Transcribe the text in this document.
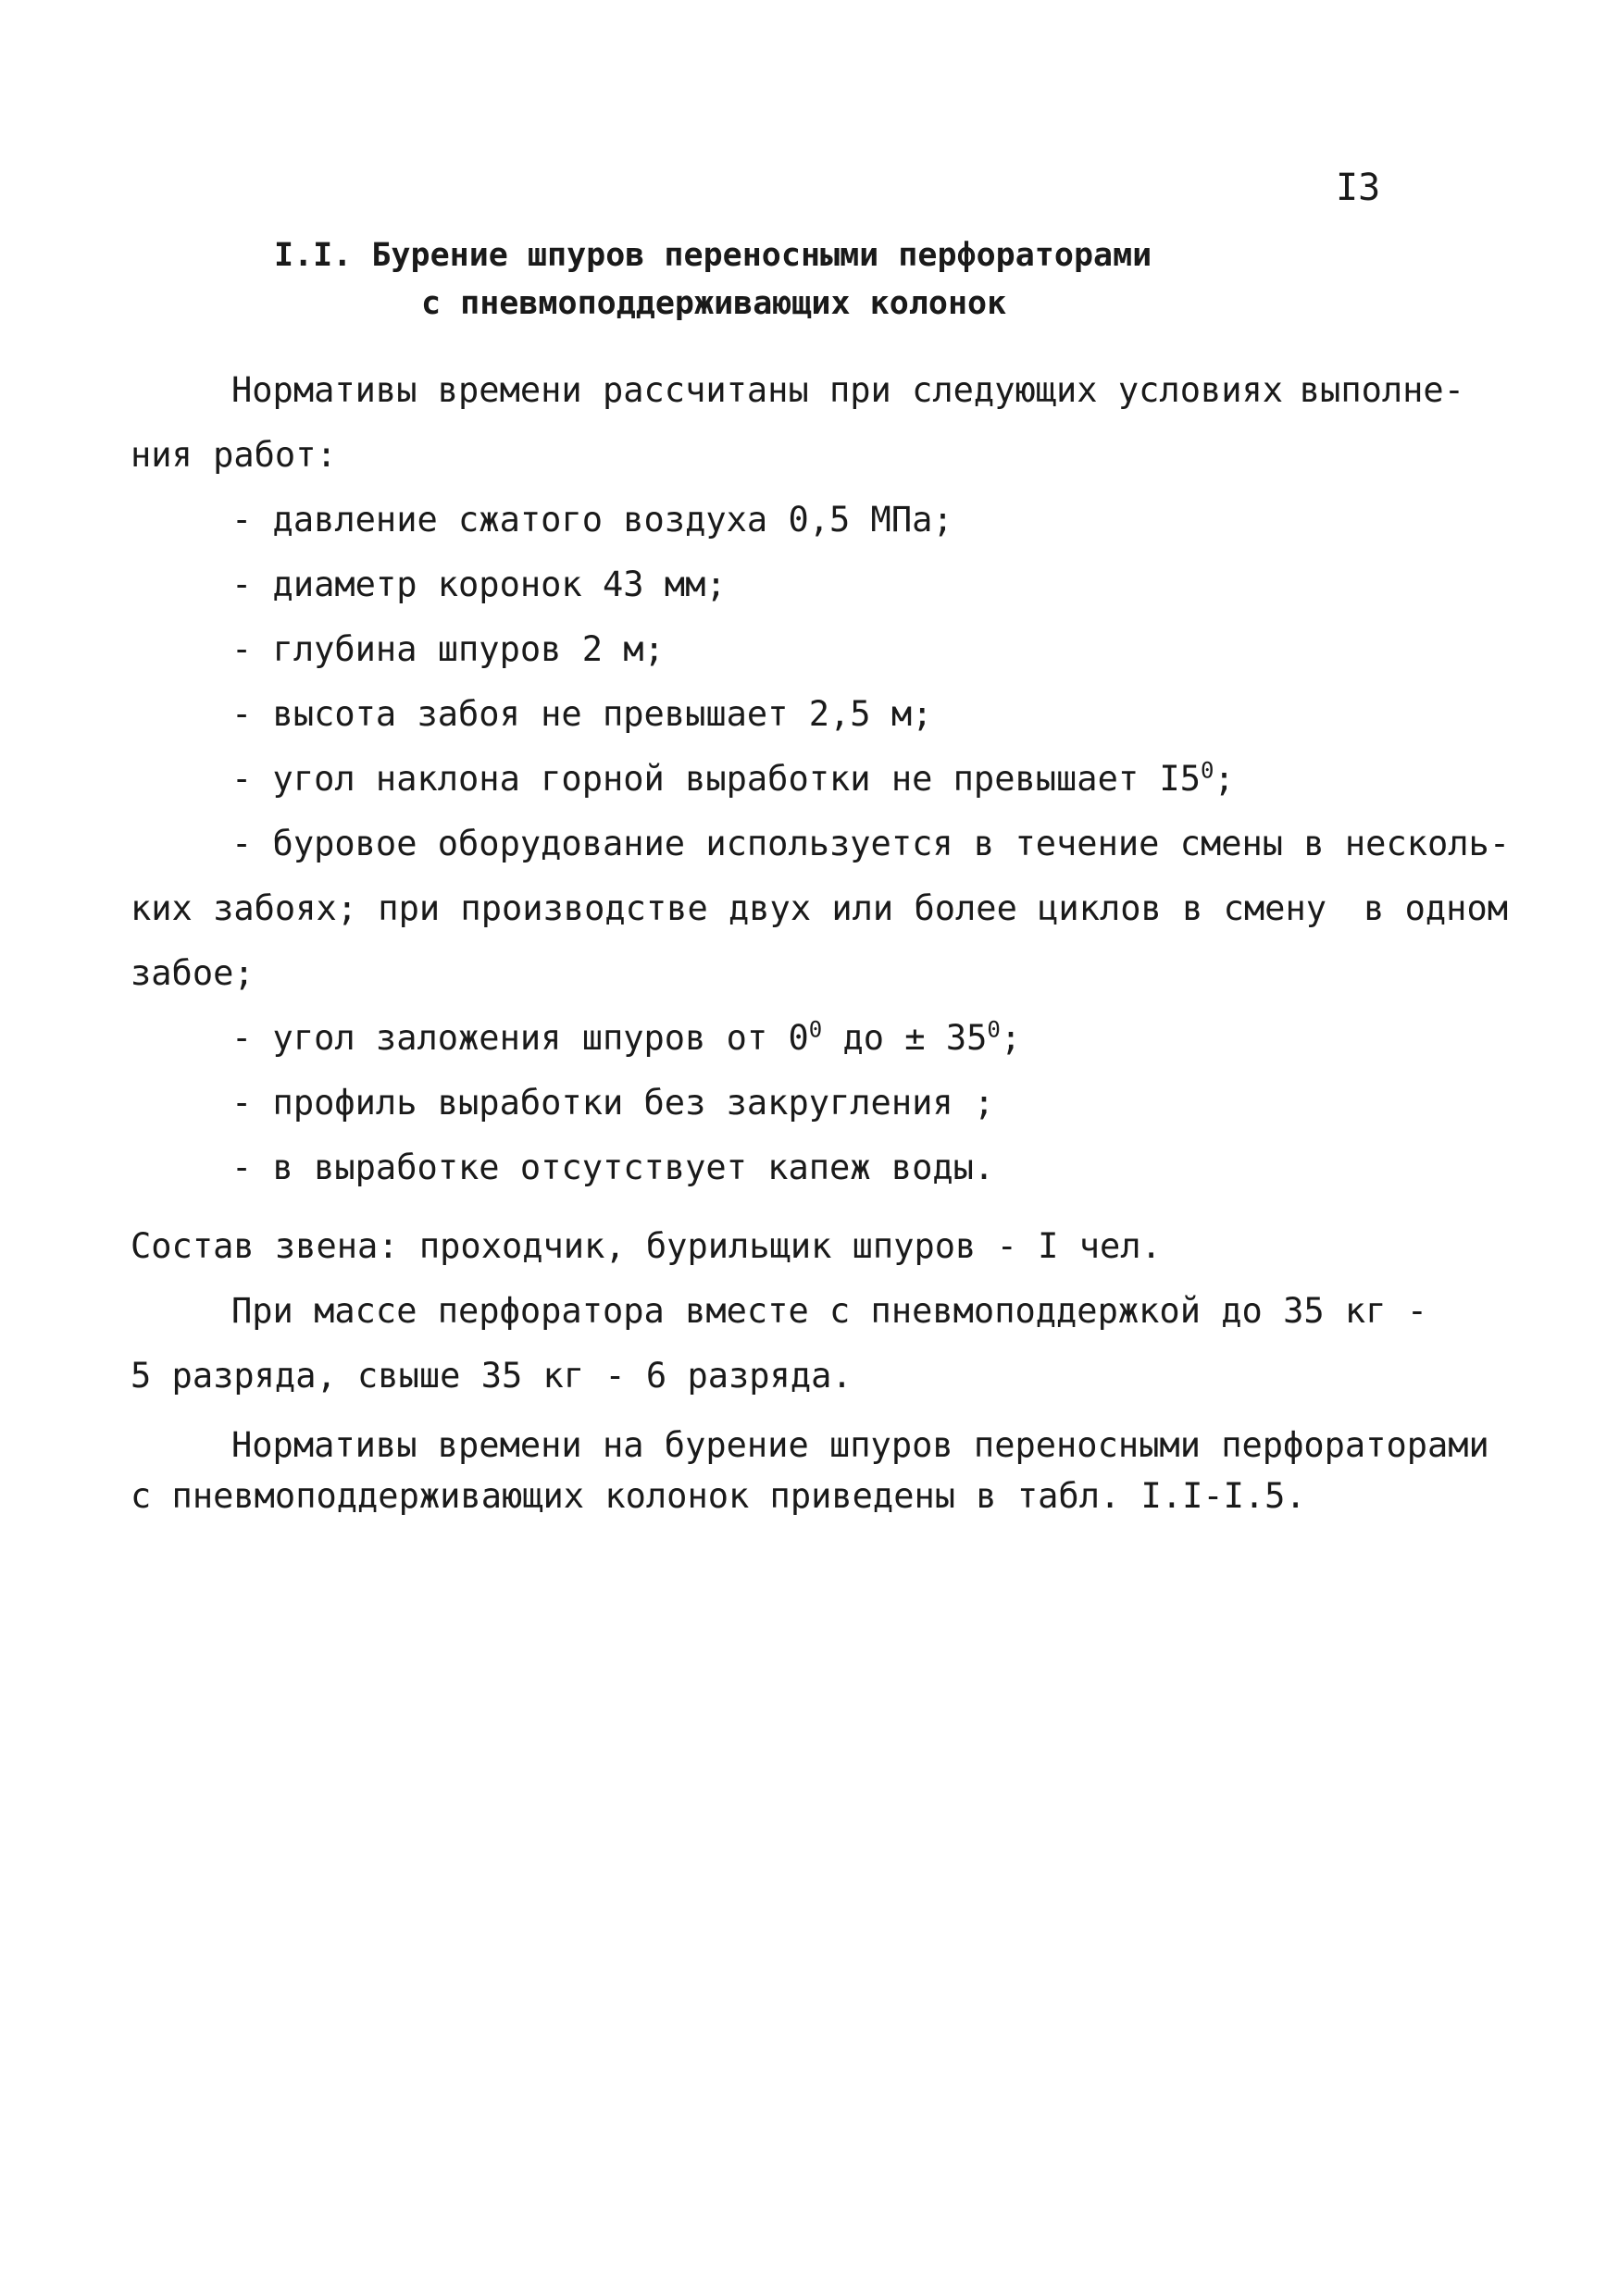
I3
I.I. Бурение шпуров переносными перфораторами
с пневмоподдерживающих колонок
Нормативы времени рассчитаны при следующих условиях выполне-
ния работ:
- давление сжатого воздуха 0,5 МПа;
- диаметр коронок 43 мм;
- глубина шпуров 2 м;
- высота забоя не превышает 2,5 м;
- угол наклона горной выработки не превышает $I5^0$;
- буровое оборудование используется в течение смены в несколь-
ких забоях; при производстве двух или более циклов в смену в одном
забое;
- угол заложения шпуров от $0^0$ до ± $35^0$;
- профиль выработки без закругления ;
- в выработке отсутствует капеж воды.
Состав звена: проходчик, бурильщик шпуров - I чел.
При массе перфоратора вместе с пневмоподдержкой до 35 кг -
5 разряда, свыше 35 кг - 6 разряда.
Нормативы времени на бурение шпуров переносными перфораторами
с пневмоподдерживающих колонок приведены в табл. I.I-I.5.
